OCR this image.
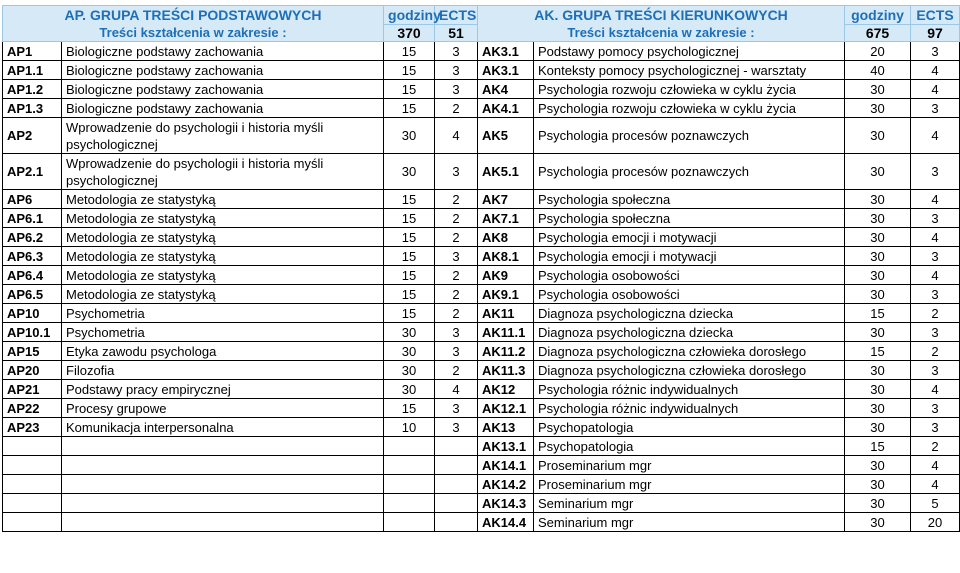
AP. GRUPA TREŚCI PODSTAWOWYCH
Treści kształcenia w zakresie :		godziny	ECTS	AK. GRUPA TREŚCI KIERUNKOWYCH
Treści kształcenia w zakresie :		godziny	ECTS
		370	51			675	97
AP1	Biologiczne podstawy zachowania	15	3	AK3.1	Podstawy pomocy psychologicznej	20	3
AP1.1	Biologiczne podstawy zachowania	15	3	AK3.1	Konteksty pomocy psychologicznej - warsztaty	40	4
AP1.2	Biologiczne podstawy zachowania	15	3	AK4	Psychologia rozwoju człowieka w cyklu życia	30	4
AP1.3	Biologiczne podstawy zachowania	15	2	AK4.1	Psychologia rozwoju człowieka w cyklu życia	30	3
AP2	Wprowadzenie do psychologii i historia myśli psychologicznej	30	4	AK5	Psychologia procesów poznawczych	30	4
AP2.1	Wprowadzenie do psychologii i historia myśli psychologicznej	30	3	AK5.1	Psychologia procesów poznawczych	30	3
AP6	Metodologia ze statystyką	15	2	AK7	Psychologia społeczna	30	4
AP6.1	Metodologia ze statystyką	15	2	AK7.1	Psychologia społeczna	30	3
AP6.2	Metodologia ze statystyką	15	2	AK8	Psychologia emocji i motywacji	30	4
AP6.3	Metodologia ze statystyką	15	3	AK8.1	Psychologia emocji i motywacji	30	3
AP6.4	Metodologia ze statystyką	15	2	AK9	Psychologia osobowości	30	4
AP6.5	Metodologia ze statystyką	15	2	AK9.1	Psychologia osobowości	30	3
AP10	Psychometria	15	2	AK11	Diagnoza psychologiczna dziecka	15	2
AP10.1	Psychometria	30	3	AK11.1	Diagnoza psychologiczna dziecka	30	3
AP15	Etyka zawodu psychologa	30	3	AK11.2	Diagnoza psychologiczna człowieka dorosłego	15	2
AP20	Filozofia	30	2	AK11.3	Diagnoza psychologiczna człowieka dorosłego	30	3
AP21	Podstawy pracy empirycznej	30	4	AK12	Psychologia różnic indywidualnych	30	4
AP22	Procesy grupowe	15	3	AK12.1	Psychologia różnic indywidualnych	30	3
AP23	Komunikacja interpersonalna	10	3	AK13	Psychopatologia	30	3
				AK13.1	Psychopatologia	15	2
				AK14.1	Proseminarium mgr	30	4
				AK14.2	Proseminarium mgr	30	4
				AK14.3	Seminarium mgr	30	5
				AK14.4	Seminarium mgr	30	20
